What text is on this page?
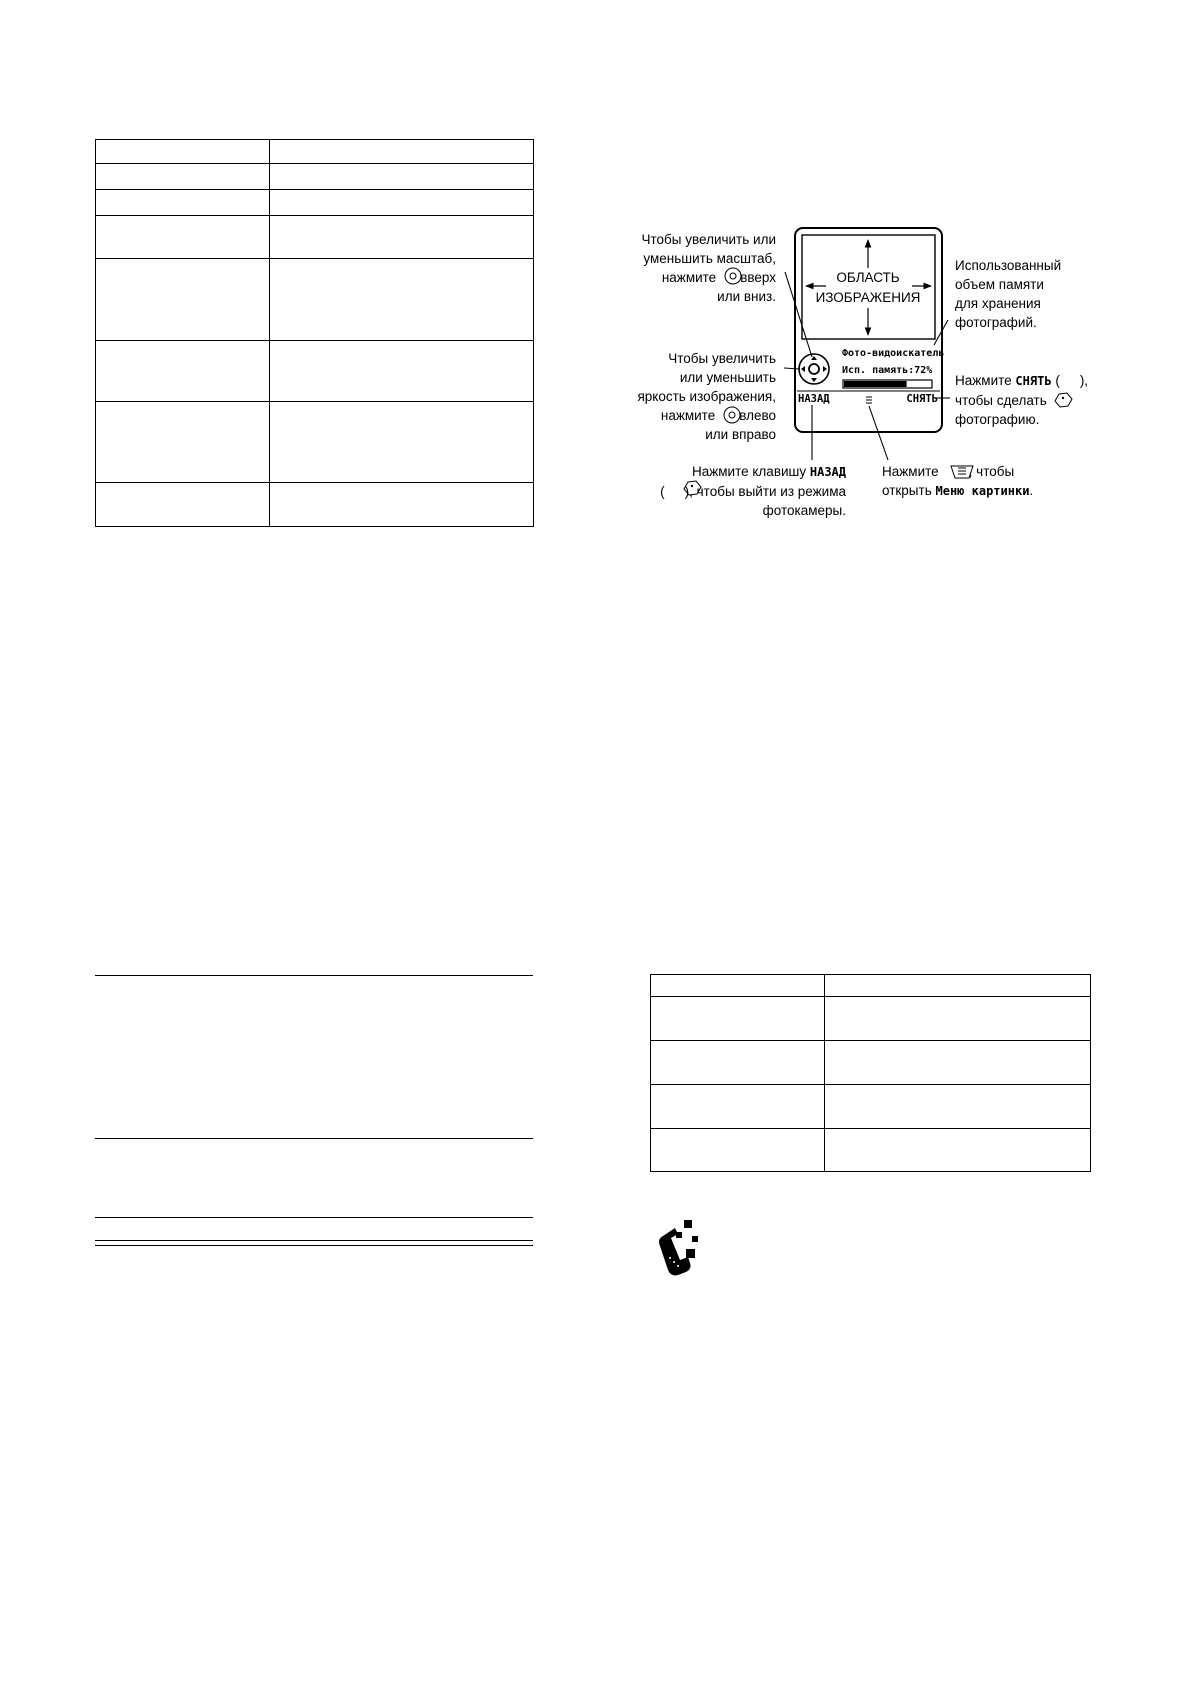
ОБЛАСТЬ
ИЗОБРАЖЕНИЯ
Фото-видоискатель
Исп. память:72%
НАЗАД	СНЯТЬ
Чтобы увеличить или
уменьшить масштаб,
нажмите вверх
или вниз.
Чтобы увеличить
или уменьшить
яркость изображения,
нажмите влево
или вправо
Использованный
объем памяти
для хранения
фотографий.
Нажмите СНЯТЬ ( ),
чтобы сделать
фотографию.
Нажмите клавишу НАЗАД
( ), чтобы выйти из режима
фотокамеры.
Нажмите , чтобы
открыть Меню картинки.
